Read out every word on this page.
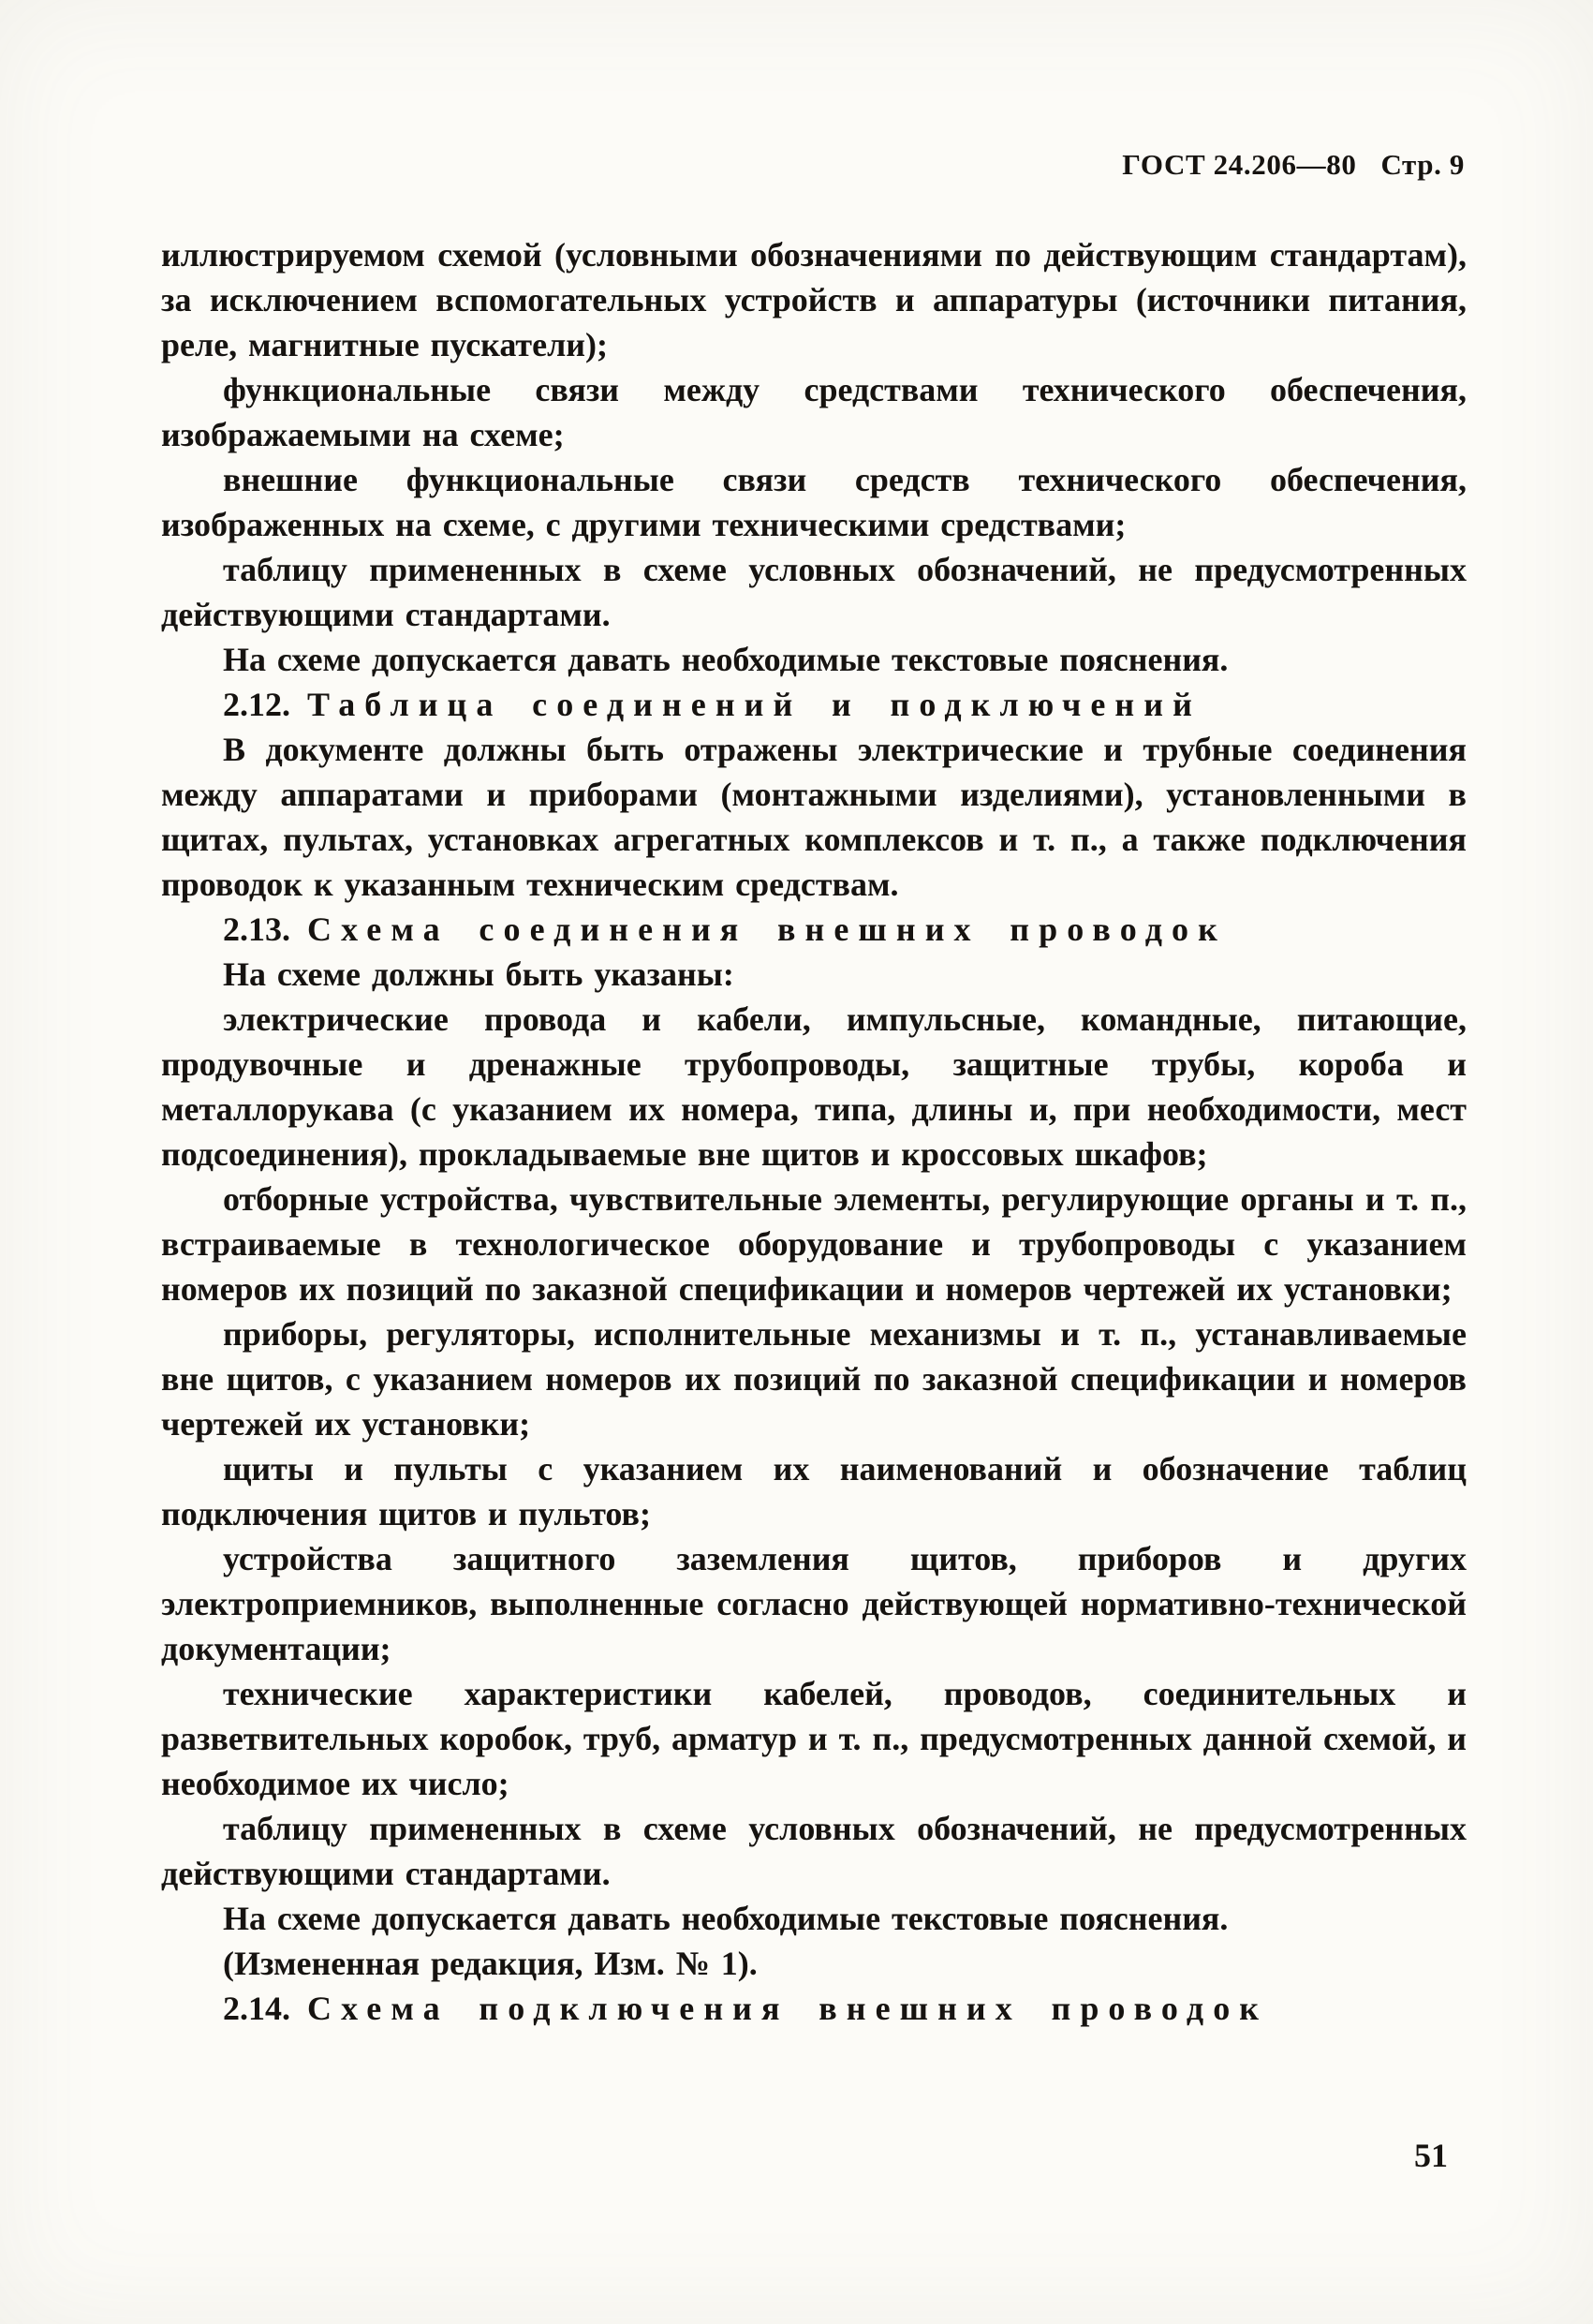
ГОСТ 24.206—80 Стр. 9

иллюстрируемом схемой (условными обозначениями по действующим стандартам), за исключением вспомогательных устройств и аппаратуры (источники питания, реле, магнитные пускатели);

функциональные связи между средствами технического обеспечения, изображаемыми на схеме;

внешние функциональные связи средств технического обеспечения, изображенных на схеме, с другими техническими средствами;

таблицу примененных в схеме условных обозначений, не предусмотренных действующими стандартами.

На схеме допускается давать необходимые текстовые пояснения.

2.12. Таблица соединений и подключений

В документе должны быть отражены электрические и трубные соединения между аппаратами и приборами (монтажными изделиями), установленными в щитах, пультах, установках агрегатных комплексов и т. п., а также подключения проводок к указанным техническим средствам.

2.13. Схема соединения внешних проводок

На схеме должны быть указаны:

электрические провода и кабели, импульсные, командные, питающие, продувочные и дренажные трубопроводы, защитные трубы, короба и металлорукава (с указанием их номера, типа, длины и, при необходимости, мест подсоединения), прокладываемые вне щитов и кроссовых шкафов;

отборные устройства, чувствительные элементы, регулирующие органы и т. п., встраиваемые в технологическое оборудование и трубопроводы с указанием номеров их позиций по заказной спецификации и номеров чертежей их установки;

приборы, регуляторы, исполнительные механизмы и т. п., устанавливаемые вне щитов, с указанием номеров их позиций по заказной спецификации и номеров чертежей их установки;

щиты и пульты с указанием их наименований и обозначение таблиц подключения щитов и пультов;

устройства защитного заземления щитов, приборов и других электроприемников, выполненные согласно действующей нормативно-технической документации;

технические характеристики кабелей, проводов, соединительных и разветвительных коробок, труб, арматур и т. п., предусмотренных данной схемой, и необходимое их число;

таблицу примененных в схеме условных обозначений, не предусмотренных действующими стандартами.

На схеме допускается давать необходимые текстовые пояснения.

(Измененная редакция, Изм. № 1).

2.14. Схема подключения внешних проводок

51
